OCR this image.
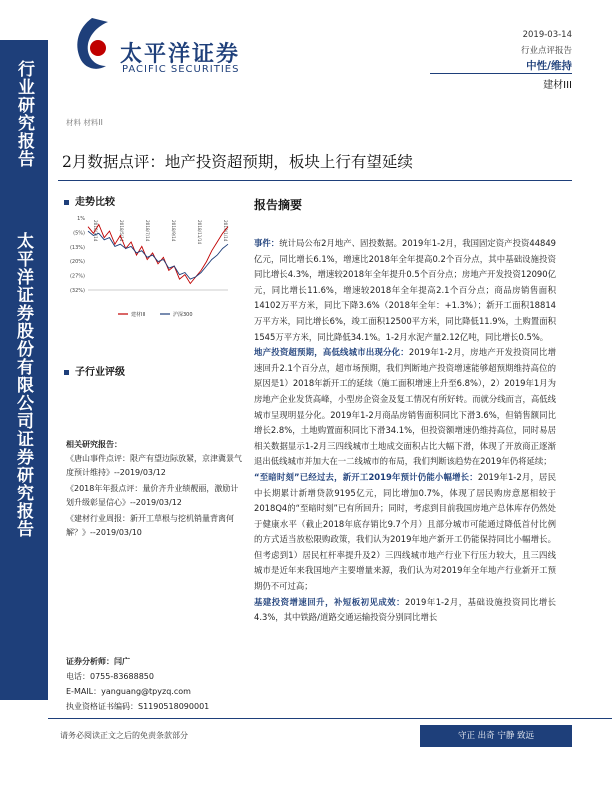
行业研究报告
太平洋证券股份有限公司证券研究报告
太平洋证券
PACIFIC SECURITIES
2019-03-14
行业点评报告
中性/维持
建材III
材料 材料II
2月数据点评：地产投资超预期，板块上行有望延续
走势比较
1%
(5%)
(13%)
(20%)
(27%)
(32%)
2018/3/14	2018/5/14	2018/7/14	2018/9/14	2018/11/14	2019/1/14
建材III	沪深300
子行业评级
相关研究报告：
《唐山事件点评：限产有望边际放紧，京津冀景气度预计维持》--2019/03/12
《2018年年报点评：量价齐升业绩靓丽，激励计划升级彰显信心》--2019/03/12
《建材行业周报：新开工草根与挖机销量背离何解？》--2019/03/10
证券分析师：闫广
电话：0755-83688850
E-MAIL：yanguang@tpyzq.com
执业资格证书编码：S1190518090001
报告摘要

事件：统计局公布2月地产、固投数据。2019年1-2月，我国固定资产投资44849亿元，同比增长6.1%，增速比2018年全年提高0.2个百分点，其中基础设施投资同比增长4.3%，增速较2018年全年提升0.5个百分点；房地产开发投资12090亿元，同比增长11.6%，增速较2018年全年提高2.1个百分点；商品房销售面积14102万平方米，同比下降3.6%（2018年全年：+1.3%）；新开工面积18814万平方米，同比增长6%，竣工面积12500平方米，同比降低11.9%，土购置面积1545万平方米，同比降低34.1%。1-2月水泥产量2.12亿吨，同比增长0.5%。

地产投资超预期，高低线城市出现分化：2019年1-2月，房地产开发投资同比增速回升2.1个百分点，超市场预期，我们判断地产投资增速能够超预期维持高位的原因是1）2018年新开工的延续（施工面积增速上升至6.8%），2）2019年1月为房地产企业发货高峰，小型房企资金及复工情况有所好转。而就分线而言，高低线城市呈现明显分化。2019年1-2月商品房销售面积同比下滑3.6%，但销售额同比增长2.8%，土地购置面积同比下滑34.1%，但投资额增速仍维持高位，同时易居相关数据显示1-2月三四线城市土地成交面积占比大幅下滑，体现了开放商正逐渐退出低线城市并加大在一二线城市的布局，我们判断该趋势在2019年仍将延续；

“至暗时刻”已经过去，新开工2019年预计仍能小幅增长：2019年1-2月，居民中长期累计新增贷款9195亿元，同比增加0.7%，体现了居民购房意愿相较于2018Q4的“至暗时刻”已有所回升；同时，考虑到目前我国房地产总体库存仍然处于健康水平（截止2018年底存销比9.7个月）且部分城市可能通过降低首付比例的方式适当放松限购政策，我们认为2019年地产新开工仍能保持同比小幅增长。但考虑到1）居民杠杆率提升及2）三四线城市地产行业下行压力较大，且三四线城市是近年来我国地产主要增量来源，我们认为对2019年全年地产行业新开工预期仍不可过高；

基建投资增速回升，补短板初见成效：2019年1-2月，基础设施投资同比增长4.3%，其中铁路/道路交通运输投资分别同比增长

请务必阅读正文之后的免责条款部分	守正 出奇 宁静 致远
